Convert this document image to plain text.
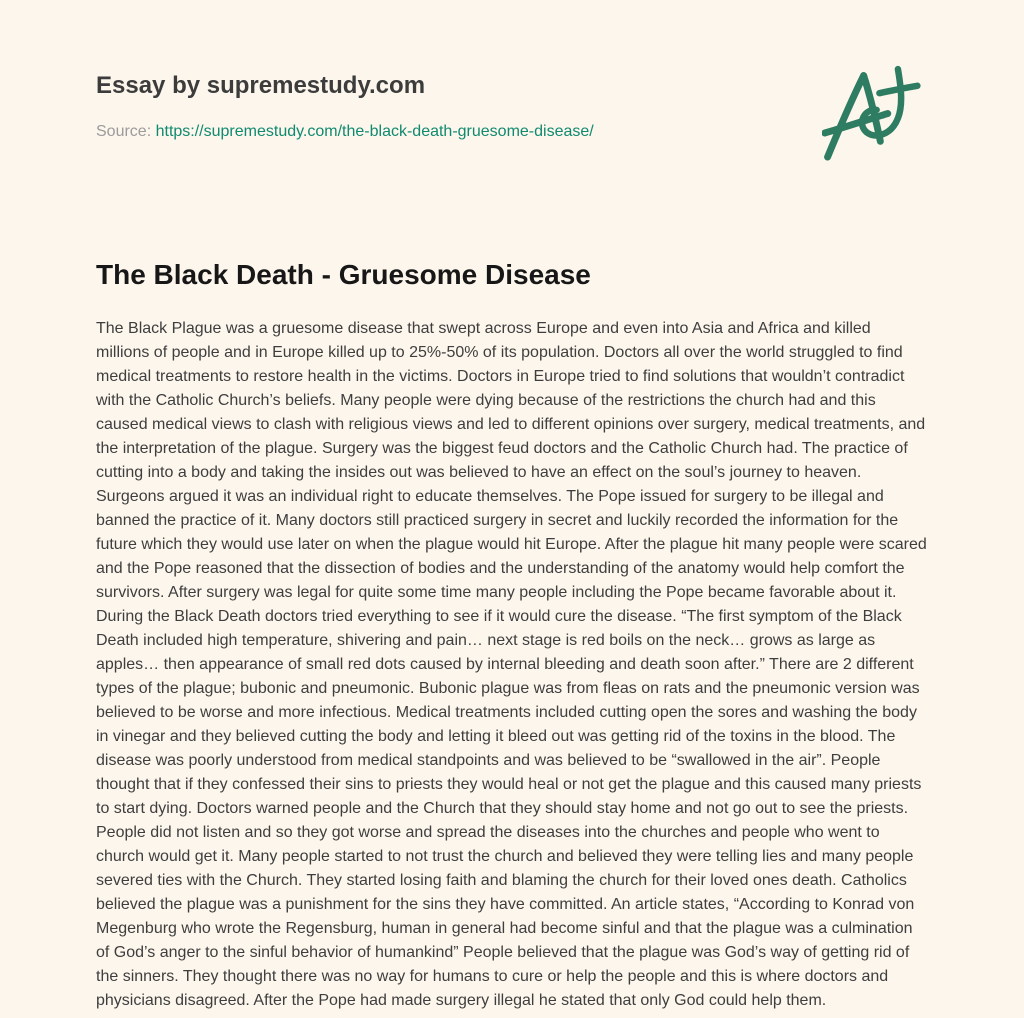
Essay by supremestudy.com
Source: https://supremestudy.com/the-black-death-gruesome-disease/
The Black Death - Gruesome Disease

The Black Plague was a gruesome disease that swept across Europe and even into Asia and Africa and killed millions of people and in Europe killed up to 25%-50% of its population. Doctors all over the world struggled to find medical treatments to restore health in the victims. Doctors in Europe tried to find solutions that wouldn’t contradict with the Catholic Church’s beliefs. Many people were dying because of the restrictions the church had and this caused medical views to clash with religious views and led to different opinions over surgery, medical treatments, and the interpretation of the plague. Surgery was the biggest feud doctors and the Catholic Church had. The practice of cutting into a body and taking the insides out was believed to have an effect on the soul’s journey to heaven. Surgeons argued it was an individual right to educate themselves. The Pope issued for surgery to be illegal and banned the practice of it. Many doctors still practiced surgery in secret and luckily recorded the information for the future which they would use later on when the plague would hit Europe. After the plague hit many people were scared and the Pope reasoned that the dissection of bodies and the understanding of the anatomy would help comfort the survivors. After surgery was legal for quite some time many people including the Pope became favorable about it. During the Black Death doctors tried everything to see if it would cure the disease. “The first symptom of the Black Death included high temperature, shivering and pain… next stage is red boils on the neck… grows as large as apples… then appearance of small red dots caused by internal bleeding and death soon after.” There are 2 different types of the plague; bubonic and pneumonic. Bubonic plague was from fleas on rats and the pneumonic version was believed to be worse and more infectious. Medical treatments included cutting open the sores and washing the body in vinegar and they believed cutting the body and letting it bleed out was getting rid of the toxins in the blood. The disease was poorly understood from medical standpoints and was believed to be “swallowed in the air”. People thought that if they confessed their sins to priests they would heal or not get the plague and this caused many priests to start dying. Doctors warned people and the Church that they should stay home and not go out to see the priests. People did not listen and so they got worse and spread the diseases into the churches and people who went to church would get it. Many people started to not trust the church and believed they were telling lies and many people severed ties with the Church. They started losing faith and blaming the church for their loved ones death. Catholics believed the plague was a punishment for the sins they have committed. An article states, “According to Konrad von Megenburg who wrote the Regensburg, human in general had become sinful and that the plague was a culmination of God’s anger to the sinful behavior of humankind” People believed that the plague was God’s way of getting rid of the sinners. They thought there was no way for humans to cure or help the people and this is where doctors and physicians disagreed. After the Pope had made surgery illegal he stated that only God could help them.
